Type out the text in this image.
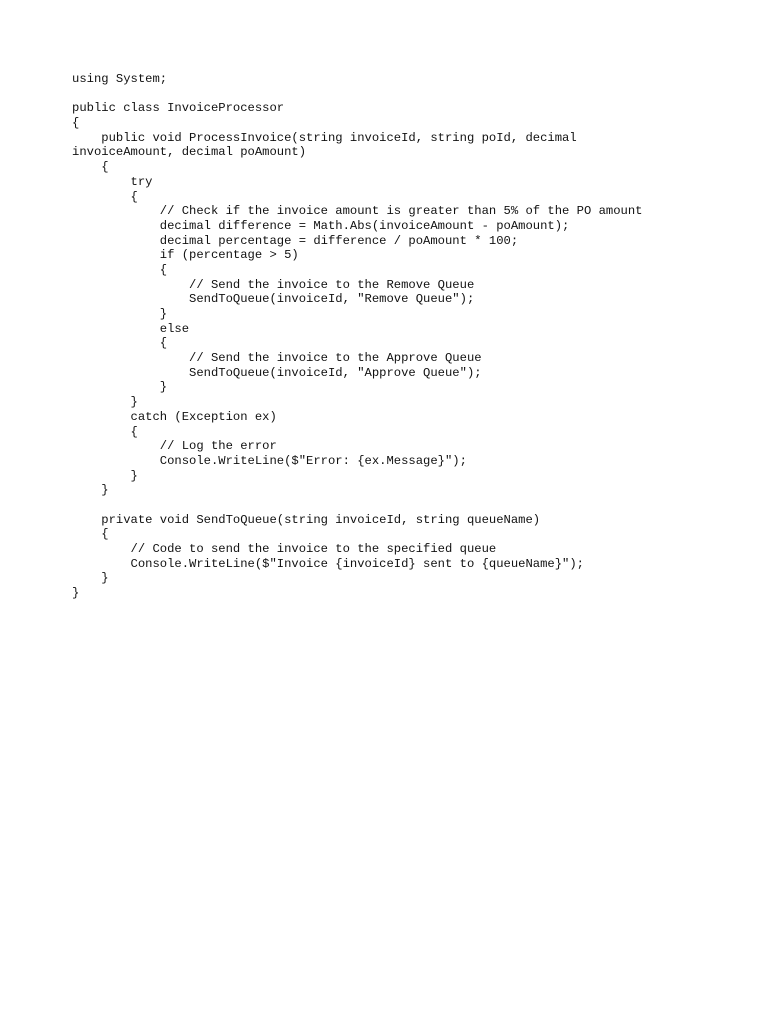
using System;
public class InvoiceProcessor
{
public void ProcessInvoice(string invoiceId, string poId, decimal
invoiceAmount, decimal poAmount)
{
try
{
// Check if the invoice amount is greater than 5% of the PO amount
decimal difference = Math.Abs(invoiceAmount - poAmount);
decimal percentage = difference / poAmount * 100;
if (percentage > 5)
{
// Send the invoice to the Remove Queue
SendToQueue(invoiceId, "Remove Queue");
}
else
{
// Send the invoice to the Approve Queue
SendToQueue(invoiceId, "Approve Queue");
}
}
catch (Exception ex)
{
// Log the error
Console.WriteLine($"Error: {ex.Message}");
}
}
private void SendToQueue(string invoiceId, string queueName)
{
// Code to send the invoice to the specified queue
Console.WriteLine($"Invoice {invoiceId} sent to {queueName}");
}
}
